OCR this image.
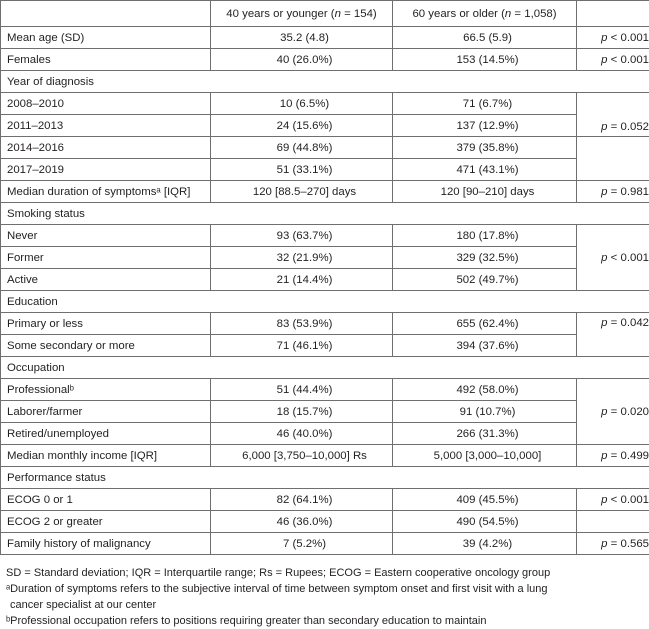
	40 years or younger (n = 154)	60 years or older (n = 1,058)	
Mean age (SD)	35.2 (4.8)	66.5 (5.9)	p < 0.001
Females	40 (26.0%)	153 (14.5%)	p < 0.001
Year of diagnosis			
2008–2010	10 (6.5%)	71 (6.7%)	p = 0.052
2011–2013	24 (15.6%)	137 (12.9%)	
2014–2016	69 (44.8%)	379 (35.8%)	
2017–2019	51 (33.1%)	471 (43.1%)	
Median duration of symptomsᵃ [IQR]	120 [88.5–270] days	120 [90–210] days	p = 0.981
Smoking status			
Never	93 (63.7%)	180 (17.8%)	p < 0.001
Former	32 (21.9%)	329 (32.5%)	
Active	21 (14.4%)	502 (49.7%)	
Education			
Primary or less	83 (53.9%)	655 (62.4%)	p = 0.042
Some secondary or more	71 (46.1%)	394 (37.6%)	
Occupation			
Professionalᵇ	51 (44.4%)	492 (58.0%)	p = 0.020
Laborer/farmer	18 (15.7%)	91 (10.7%)	
Retired/unemployed	46 (40.0%)	266 (31.3%)	
Median monthly income [IQR]	6,000 [3,750–10,000] Rs	5,000 [3,000–10,000]	p = 0.499
Performance status			
ECOG 0 or 1	82 (64.1%)	409 (45.5%)	p < 0.001
ECOG 2 or greater	46 (36.0%)	490 (54.5%)	
Family history of malignancy	7 (5.2%)	39 (4.2%)	p = 0.565
SD = Standard deviation; IQR = Interquartile range; Rs = Rupees; ECOG = Eastern cooperative oncology group
ᵃDuration of symptoms refers to the subjective interval of time between symptom onset and first visit with a lung
cancer specialist at our center
ᵇProfessional occupation refers to positions requiring greater than secondary education to maintain
